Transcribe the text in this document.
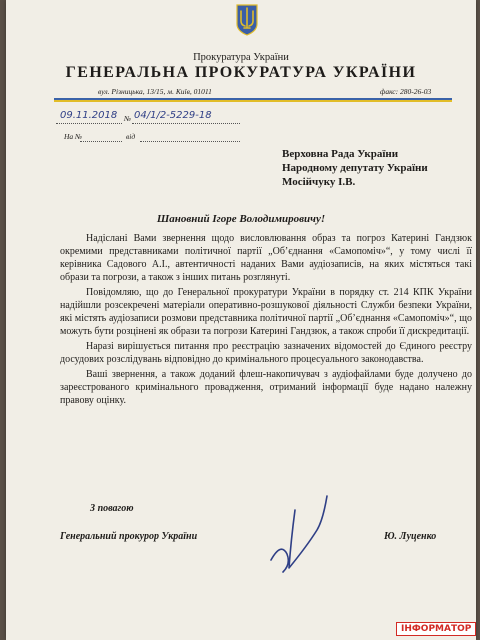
Прокуратура України
ГЕНЕРАЛЬНА ПРОКУРАТУРА УКРАЇНИ
вул. Різницька, 13/15, м. Київ, 01011	факс: 280-26-03
09.11.2018 № 04/1/2-5229-18
На №	від
Верховна Рада України
Народному депутату України
Мосійчуку І.В.
Шановний Ігоре Володимировичу!

Надіслані Вами звернення щодо висловлювання образ та погроз Катерині Гандзюк окремими представниками політичної партії „Об’єднання «Самопоміч»“, у тому числі її керівника Садового А.І., автентичності наданих Вами аудіозаписів, на яких містяться такі образи та погрози, а також з інших питань розглянуті.

Повідомляю, що до Генеральної прокуратури України в порядку ст. 214 КПК України надійшли розсекречені матеріали оперативно-розшукової діяльності Служби безпеки України, які містять аудіозаписи розмови представника політичної партії „Об’єднання «Самопоміч»“, що можуть бути розцінені як образи та погрози Катерині Гандзюк, а також спроби її дискредитації.

Наразі вирішується питання про реєстрацію зазначених відомостей до Єдиного реєстру досудових розслідувань відповідно до кримінального процесуального законодавства.

Ваші звернення, а також доданий флеш-накопичувач з аудіофайлами буде долучено до зареєстрованого кримінального провадження, отриманий інформації буде надано належну правову оцінку.

З повагою
Генеральний прокурор України	Ю. Луценко
ІНФОРМАТОР
